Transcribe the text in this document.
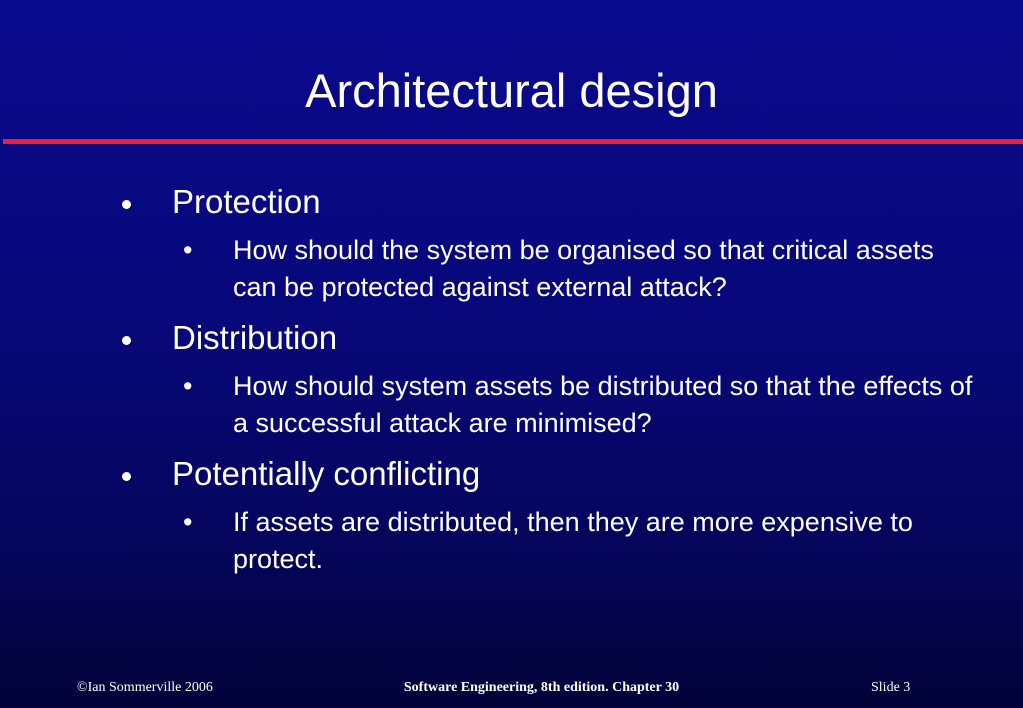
Architectural design
Protection
• How should the system be organised so that critical assets can be protected against external attack?
Distribution
• How should system assets be distributed so that the effects of a successful attack are minimised?
Potentially conflicting
• If assets are distributed, then they are more expensive to protect.
©Ian Sommerville 2006	Software Engineering, 8th edition. Chapter 30	Slide 3
